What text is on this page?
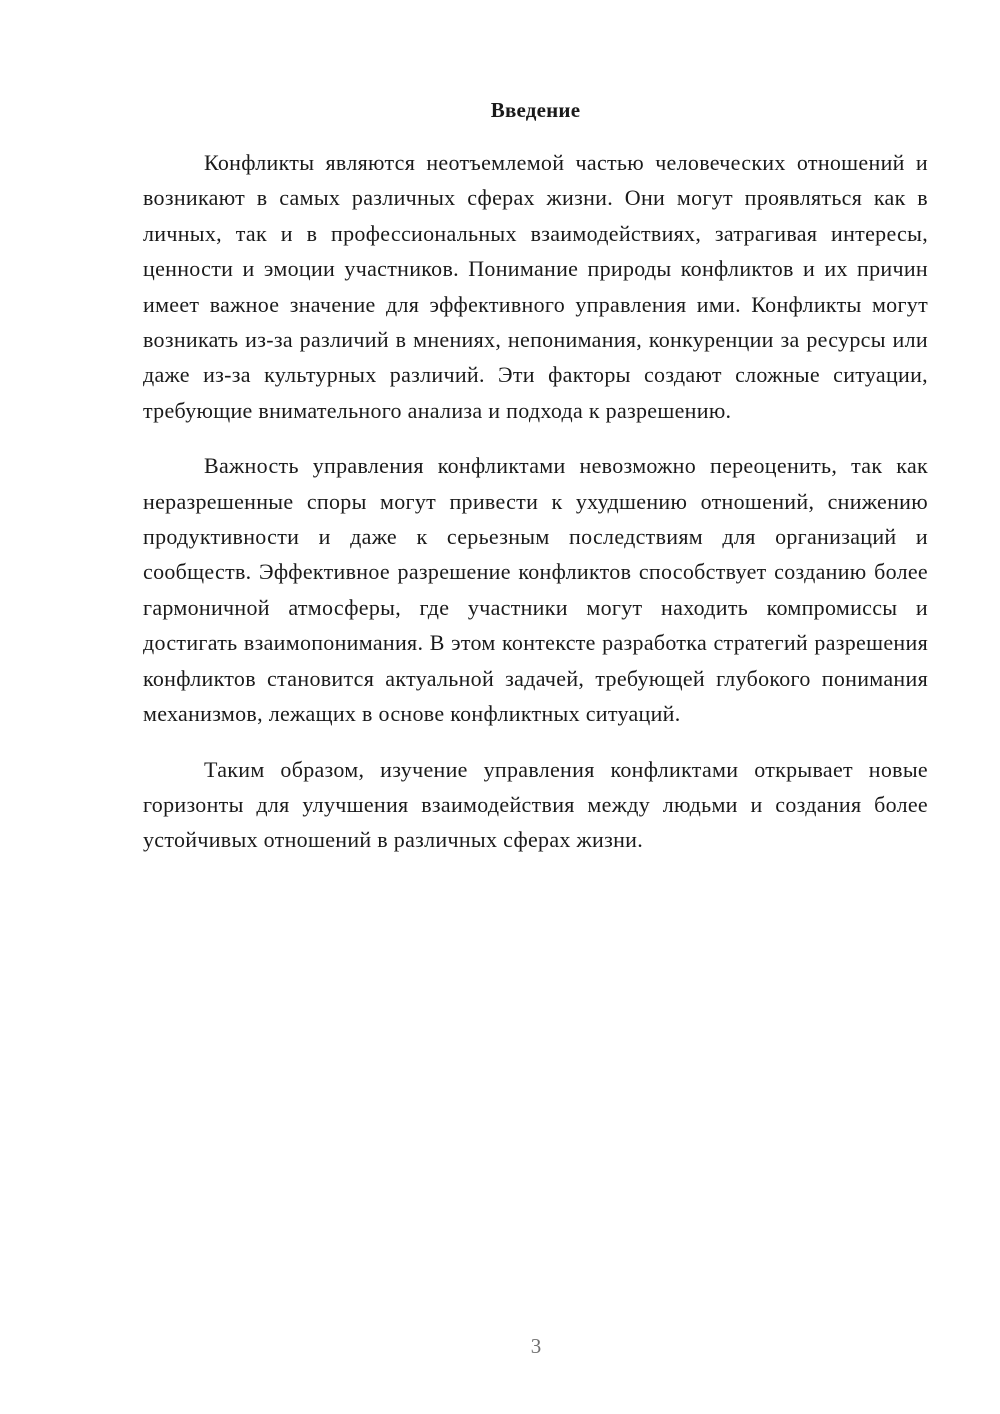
Введение

Конфликты являются неотъемлемой частью человеческих отношений и возникают в самых различных сферах жизни. Они могут проявляться как в личных, так и в профессиональных взаимодействиях, затрагивая интересы, ценности и эмоции участников. Понимание природы конфликтов и их причин имеет важное значение для эффективного управления ими. Конфликты могут возникать из-за различий в мнениях, непонимания, конкуренции за ресурсы или даже из-за культурных различий. Эти факторы создают сложные ситуации, требующие внимательного анализа и подхода к разрешению.

Важность управления конфликтами невозможно переоценить, так как неразрешенные споры могут привести к ухудшению отношений, снижению продуктивности и даже к серьезным последствиям для организаций и сообществ. Эффективное разрешение конфликтов способствует созданию более гармоничной атмосферы, где участники могут находить компромиссы и достигать взаимопонимания. В этом контексте разработка стратегий разрешения конфликтов становится актуальной задачей, требующей глубокого понимания механизмов, лежащих в основе конфликтных ситуаций.

Таким образом, изучение управления конфликтами открывает новые горизонты для улучшения взаимодействия между людьми и создания более устойчивых отношений в различных сферах жизни.

3
